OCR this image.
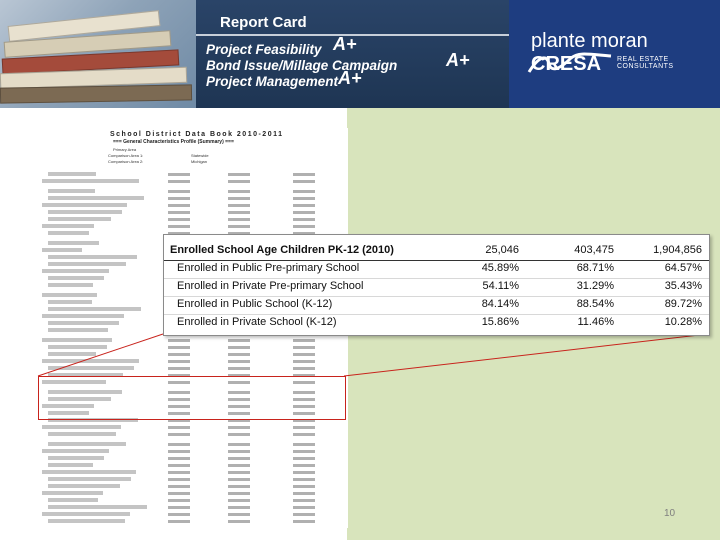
Report Card
Project Feasibility A+
Bond Issue/Millage Campaign	A+
Project Management A+
plante moran CRESA	REAL ESTATE CONSULTANTS
School District Data Book 2010-2011
=== General Characteristics Profile (Summary) ===
Primary Area
Comparison Area 1:
Comparison Area 2:
Statewide
Michigan
Enrolled School Age Children PK-12 (2010)	25,046	403,475	1,904,856
Enrolled in Public Pre-primary School	45.89%	68.71%	64.57%
Enrolled in Private Pre-primary School	54.11%	31.29%	35.43%
Enrolled in Public School (K-12)	84.14%	88.54%	89.72%
Enrolled in Private School (K-12)	15.86%	11.46%	10.28%
10
